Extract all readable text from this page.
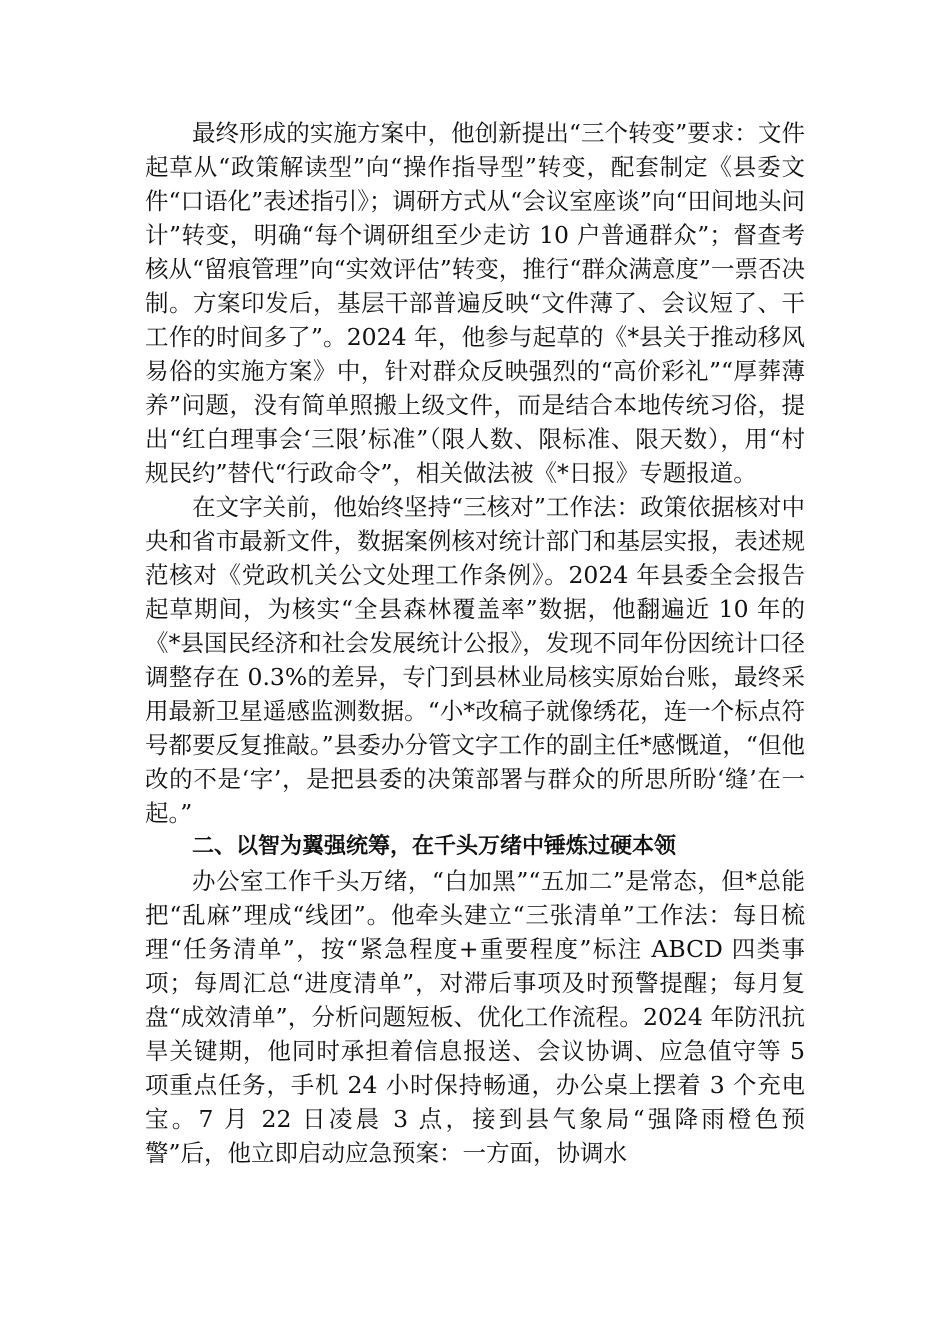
最终形成的实施方案中，他创新提出“三个转变”要求：文件起草从“政策解读型”向“操作指导型”转变，配套制定《县委文件“口语化”表述指引》；调研方式从“会议室座谈”向“田间地头问计”转变，明确“每个调研组至少走访 10 户普通群众”；督查考核从“留痕管理”向“实效评估”转变，推行“群众满意度”一票否决制。方案印发后，基层干部普遍反映“文件薄了、会议短了、干工作的时间多了”。2024 年，他参与起草的《*县关于推动移风易俗的实施方案》中，针对群众反映强烈的“高价彩礼”“厚葬薄养”问题，没有简单照搬上级文件，而是结合本地传统习俗，提出“红白理事会‘三限’标准”（限人数、限标准、限天数），用“村规民约”替代“行政命令”，相关做法被《*日报》专题报道。

在文字关前，他始终坚持“三核对”工作法：政策依据核对中央和省市最新文件，数据案例核对统计部门和基层实报，表述规范核对《党政机关公文处理工作条例》。2024 年县委全会报告起草期间，为核实“全县森林覆盖率”数据，他翻遍近 10 年的《*县国民经济和社会发展统计公报》，发现不同年份因统计口径调整存在 0.3%的差异，专门到县林业局核实原始台账，最终采用最新卫星遥感监测数据。“小*改稿子就像绣花，连一个标点符号都要反复推敲。”县委办分管文字工作的副主任*感慨道，“但他改的不是‘字’，是把县委的决策部署与群众的所思所盼‘缝’在一起。”

二、以智为翼强统筹，在千头万绪中锤炼过硬本领

办公室工作千头万绪，“白加黑”“五加二”是常态，但*总能把“乱麻”理成“线团”。他牵头建立“三张清单”工作法：每日梳理“任务清单”，按“紧急程度+重要程度”标注 ABCD 四类事项；每周汇总“进度清单”，对滞后事项及时预警提醒；每月复盘“成效清单”，分析问题短板、优化工作流程。2024 年防汛抗旱关键期，他同时承担着信息报送、会议协调、应急值守等 5 项重点任务，手机 24 小时保持畅通，办公桌上摆着 3 个充电宝。7 月 22 日凌晨 3 点，接到县气象局“强降雨橙色预警”后，他立即启动应急预案：一方面，协调水
